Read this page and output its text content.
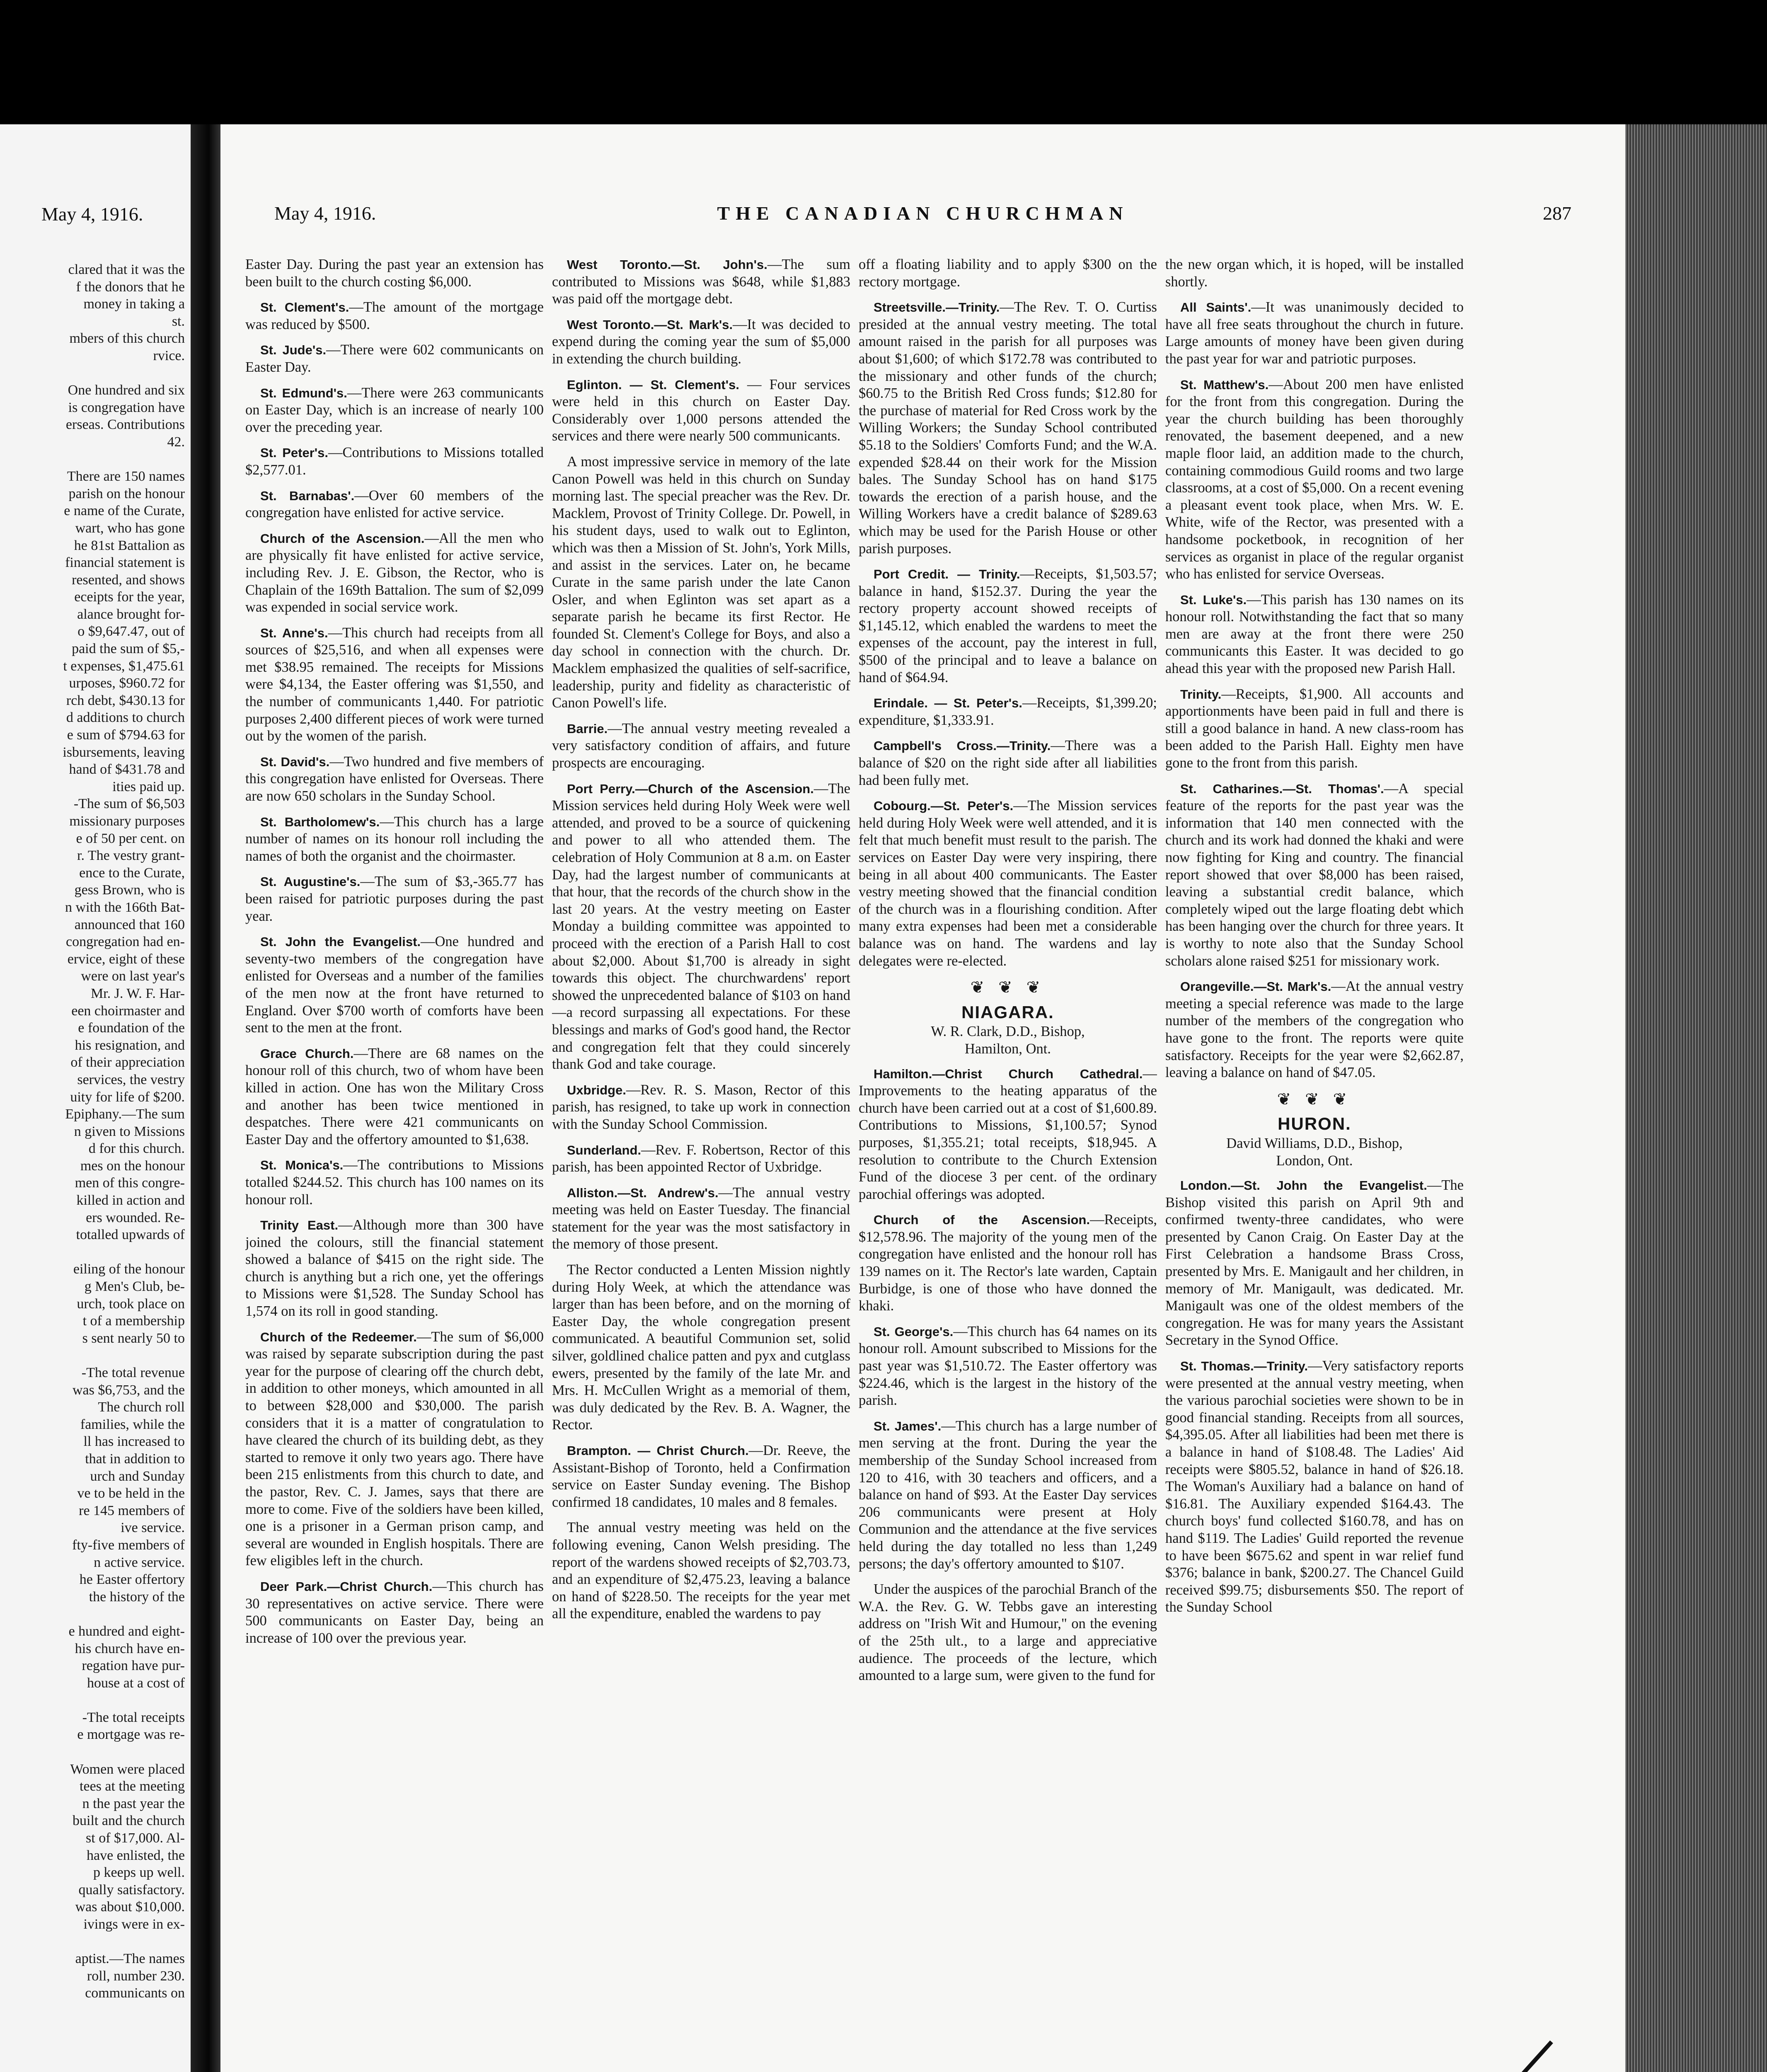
May 4, 1916.
clared that it was the
f the donors that he
money in taking a
st.
mbers of this church
rvice.

One hundred and six
is congregation have
erseas. Contributions
42.

There are 150 names
parish on the honour
e name of the Curate,
wart, who has gone
he 81st Battalion as
financial statement is
resented, and shows
eceipts for the year,
alance brought for-
o $9,647.47, out of
paid the sum of $5,-
t expenses, $1,475.61
urposes, $960.72 for
rch debt, $430.13 for
d additions to church
e sum of $794.63 for
isbursements, leaving
hand of $431.78 and
ities paid up.
-The sum of $6,503
missionary purposes
e of 50 per cent. on
r. The vestry grant-
ence to the Curate,
gess Brown, who is
n with the 166th Bat-
announced that 160
congregation had en-
ervice, eight of these
were on last year's
Mr. J. W. F. Har-
een choirmaster and
e foundation of the
his resignation, and
of their appreciation
services, the vestry
uity for life of $200.
Epiphany.—The sum
n given to Missions
d for this church.
mes on the honour
men of this congre-
killed in action and
ers wounded. Re-
totalled upwards of

eiling of the honour
g Men's Club, be-
urch, took place on
t of a membership
s sent nearly 50 to

-The total revenue
was $6,753, and the
The church roll
families, while the
ll has increased to
that in addition to
urch and Sunday
ve to be held in the
re 145 members of
ive service.
fty-five members of
n active service.
he Easter offertory
the history of the

e hundred and eight-
his church have en-
regation have pur-
house at a cost of

-The total receipts
e mortgage was re-

Women were placed
tees at the meeting
n the past year the
built and the church
st of $17,000. Al-
have enlisted, the
p keeps up well.
qually satisfactory.
was about $10,000.
ivings were in ex-

aptist.—The names
roll, number 230.
communicants on
May 4, 1916.	THE CANADIAN CHURCHMAN	287

Easter Day. During the past year an extension has been built to the church costing $6,000.

St. Clement's.—The amount of the mortgage was reduced by $500.

St. Jude's.—There were 602 communicants on Easter Day.

St. Edmund's.—There were 263 communicants on Easter Day, which is an increase of nearly 100 over the preceding year.

St. Peter's.—Contributions to Missions totalled $2,577.01.

St. Barnabas'.—Over 60 members of the congregation have enlisted for active service.

Church of the Ascension.—All the men who are physically fit have enlisted for active service, including Rev. J. E. Gibson, the Rector, who is Chaplain of the 169th Battalion. The sum of $2,099 was expended in social service work.

St. Anne's.—This church had receipts from all sources of $25,516, and when all expenses were met $38.95 remained. The receipts for Missions were $4,134, the Easter offering was $1,550, and the number of communicants 1,440. For patriotic purposes 2,400 different pieces of work were turned out by the women of the parish.

St. David's.—Two hundred and five members of this congregation have enlisted for Overseas. There are now 650 scholars in the Sunday School.

St. Bartholomew's.—This church has a large number of names on its honour roll including the names of both the organist and the choirmaster.

St. Augustine's.—The sum of $3,-365.77 has been raised for patriotic purposes during the past year.

St. John the Evangelist.—One hundred and seventy-two members of the congregation have enlisted for Overseas and a number of the families of the men now at the front have returned to England. Over $700 worth of comforts have been sent to the men at the front.

Grace Church.—There are 68 names on the honour roll of this church, two of whom have been killed in action. One has won the Military Cross and another has been twice mentioned in despatches. There were 421 communicants on Easter Day and the offertory amounted to $1,638.

St. Monica's.—The contributions to Missions totalled $244.52. This church has 100 names on its honour roll.

Trinity East.—Although more than 300 have joined the colours, still the financial statement showed a balance of $415 on the right side. The church is anything but a rich one, yet the offerings to Missions were $1,528. The Sunday School has 1,574 on its roll in good standing.

Church of the Redeemer.—The sum of $6,000 was raised by separate subscription during the past year for the purpose of clearing off the church debt, in addition to other moneys, which amounted in all to between $28,000 and $30,000. The parish considers that it is a matter of congratulation to have cleared the church of its building debt, as they started to remove it only two years ago. There have been 215 enlistments from this church to date, and the pastor, Rev. C. J. James, says that there are more to come. Five of the soldiers have been killed, one is a prisoner in a German prison camp, and several are wounded in English hospitals. There are few eligibles left in the church.

Deer Park.—Christ Church.—This church has 30 representatives on active service. There were 500 communicants on Easter Day, being an increase of 100 over the previous year.

West Toronto.—St. John's.—The sum contributed to Missions was $648, while $1,883 was paid off the mortgage debt.

West Toronto.—St. Mark's.—It was decided to expend during the coming year the sum of $5,000 in extending the church building.

Eglinton. — St. Clement's. — Four services were held in this church on Easter Day. Considerably over 1,000 persons attended the services and there were nearly 500 communicants.

A most impressive service in memory of the late Canon Powell was held in this church on Sunday morning last. The special preacher was the Rev. Dr. Macklem, Provost of Trinity College. Dr. Powell, in his student days, used to walk out to Eglinton, which was then a Mission of St. John's, York Mills, and assist in the services. Later on, he became Curate in the same parish under the late Canon Osler, and when Eglinton was set apart as a separate parish he became its first Rector. He founded St. Clement's College for Boys, and also a day school in connection with the church. Dr. Macklem emphasized the qualities of self-sacrifice, leadership, purity and fidelity as characteristic of Canon Powell's life.

Barrie.—The annual vestry meeting revealed a very satisfactory condition of affairs, and future prospects are encouraging.

Port Perry.—Church of the Ascension.—The Mission services held during Holy Week were well attended, and proved to be a source of quickening and power to all who attended them. The celebration of Holy Communion at 8 a.m. on Easter Day, had the largest number of communicants at that hour, that the records of the church show in the last 20 years. At the vestry meeting on Easter Monday a building committee was appointed to proceed with the erection of a Parish Hall to cost about $2,000. About $1,700 is already in sight towards this object. The churchwardens' report showed the unprecedented balance of $103 on hand—a record surpassing all expectations. For these blessings and marks of God's good hand, the Rector and congregation felt that they could sincerely thank God and take courage.

Uxbridge.—Rev. R. S. Mason, Rector of this parish, has resigned, to take up work in connection with the Sunday School Commission.

Sunderland.—Rev. F. Robertson, Rector of this parish, has been appointed Rector of Uxbridge.

Alliston.—St. Andrew's.—The annual vestry meeting was held on Easter Tuesday. The financial statement for the year was the most satisfactory in the memory of those present.

The Rector conducted a Lenten Mission nightly during Holy Week, at which the attendance was larger than has been before, and on the morning of Easter Day, the whole congregation present communicated. A beautiful Communion set, solid silver, goldlined chalice patten and pyx and cutglass ewers, presented by the family of the late Mr. and Mrs. H. McCullen Wright as a memorial of them, was duly dedicated by the Rev. B. A. Wagner, the Rector.

Brampton. — Christ Church.—Dr. Reeve, the Assistant-Bishop of Toronto, held a Confirmation service on Easter Sunday evening. The Bishop confirmed 18 candidates, 10 males and 8 females.

The annual vestry meeting was held on the following evening, Canon Welsh presiding. The report of the wardens showed receipts of $2,703.73, and an expenditure of $2,475.23, leaving a balance on hand of $228.50. The receipts for the year met all the expenditure, enabled the wardens to pay

off a floating liability and to apply $300 on the rectory mortgage.

Streetsville.—Trinity.—The Rev. T. O. Curtiss presided at the annual vestry meeting. The total amount raised in the parish for all purposes was about $1,600; of which $172.78 was contributed to the missionary and other funds of the church; $60.75 to the British Red Cross funds; $12.80 for the purchase of material for Red Cross work by the Willing Workers; the Sunday School contributed $5.18 to the Soldiers' Comforts Fund; and the W.A. expended $28.44 on their work for the Mission bales. The Sunday School has on hand $175 towards the erection of a parish house, and the Willing Workers have a credit balance of $289.63 which may be used for the Parish House or other parish purposes.

Port Credit. — Trinity.—Receipts, $1,503.57; balance in hand, $152.37. During the year the rectory property account showed receipts of $1,145.12, which enabled the wardens to meet the expenses of the account, pay the interest in full, $500 of the principal and to leave a balance on hand of $64.94.

Erindale. — St. Peter's.—Receipts, $1,399.20; expenditure, $1,333.91.

Campbell's Cross.—Trinity.—There was a balance of $20 on the right side after all liabilities had been fully met.

Cobourg.—St. Peter's.—The Mission services held during Holy Week were well attended, and it is felt that much benefit must result to the parish. The services on Easter Day were very inspiring, there being in all about 400 communicants. The Easter vestry meeting showed that the financial condition of the church was in a flourishing condition. After many extra expenses had been met a considerable balance was on hand. The wardens and lay delegates were re-elected.

❦ ❦ ❦
NIAGARA.
W. R. Clark, D.D., Bishop,
Hamilton, Ont.

Hamilton.—Christ Church Cathedral.—Improvements to the heating apparatus of the church have been carried out at a cost of $1,600.89. Contributions to Missions, $1,100.57; Synod purposes, $1,355.21; total receipts, $18,945. A resolution to contribute to the Church Extension Fund of the diocese 3 per cent. of the ordinary parochial offerings was adopted.

Church of the Ascension.—Receipts, $12,578.96. The majority of the young men of the congregation have enlisted and the honour roll has 139 names on it. The Rector's late warden, Captain Burbidge, is one of those who have donned the khaki.

St. George's.—This church has 64 names on its honour roll. Amount subscribed to Missions for the past year was $1,510.72. The Easter offertory was $224.46, which is the largest in the history of the parish.

St. James'.—This church has a large number of men serving at the front. During the year the membership of the Sunday School increased from 120 to 416, with 30 teachers and officers, and a balance on hand of $93. At the Easter Day services 206 communicants were present at Holy Communion and the attendance at the five services held during the day totalled no less than 1,249 persons; the day's offertory amounted to $107.

Under the auspices of the parochial Branch of the W.A. the Rev. G. W. Tebbs gave an interesting address on "Irish Wit and Humour," on the evening of the 25th ult., to a large and appreciative audience. The proceeds of the lecture, which amounted to a large sum, were given to the fund for

the new organ which, it is hoped, will be installed shortly.

All Saints'.—It was unanimously decided to have all free seats throughout the church in future. Large amounts of money have been given during the past year for war and patriotic purposes.

St. Matthew's.—About 200 men have enlisted for the front from this congregation. During the year the church building has been thoroughly renovated, the basement deepened, and a new maple floor laid, an addition made to the church, containing commodious Guild rooms and two large classrooms, at a cost of $5,000. On a recent evening a pleasant event took place, when Mrs. W. E. White, wife of the Rector, was presented with a handsome pocketbook, in recognition of her services as organist in place of the regular organist who has enlisted for service Overseas.

St. Luke's.—This parish has 130 names on its honour roll. Notwithstanding the fact that so many men are away at the front there were 250 communicants this Easter. It was decided to go ahead this year with the proposed new Parish Hall.

Trinity.—Receipts, $1,900. All accounts and apportionments have been paid in full and there is still a good balance in hand. A new class-room has been added to the Parish Hall. Eighty men have gone to the front from this parish.

St. Catharines.—St. Thomas'.—A special feature of the reports for the past year was the information that 140 men connected with the church and its work had donned the khaki and were now fighting for King and country. The financial report showed that over $8,000 has been raised, leaving a substantial credit balance, which completely wiped out the large floating debt which has been hanging over the church for three years. It is worthy to note also that the Sunday School scholars alone raised $251 for missionary work.

Orangeville.—St. Mark's.—At the annual vestry meeting a special reference was made to the large number of the members of the congregation who have gone to the front. The reports were quite satisfactory. Receipts for the year were $2,662.87, leaving a balance on hand of $47.05.

❦ ❦ ❦
HURON.
David Williams, D.D., Bishop,
London, Ont.

London.—St. John the Evangelist.—The Bishop visited this parish on April 9th and confirmed twenty-three candidates, who were presented by Canon Craig. On Easter Day at the First Celebration a handsome Brass Cross, presented by Mrs. E. Manigault and her children, in memory of Mr. Manigault, was dedicated. Mr. Manigault was one of the oldest members of the congregation. He was for many years the Assistant Secretary in the Synod Office.

St. Thomas.—Trinity.—Very satisfactory reports were presented at the annual vestry meeting, when the various parochial societies were shown to be in good financial standing. Receipts from all sources, $4,395.05. After all liabilities had been met there is a balance in hand of $108.48. The Ladies' Aid receipts were $805.52, balance in hand of $26.18. The Woman's Auxiliary had a balance on hand of $16.81. The Auxiliary expended $164.43. The church boys' fund collected $160.78, and has on hand $119. The Ladies' Guild reported the revenue to have been $675.62 and spent in war relief fund $376; balance in bank, $200.27. The Chancel Guild received $99.75; disbursements $50. The report of the Sunday School
